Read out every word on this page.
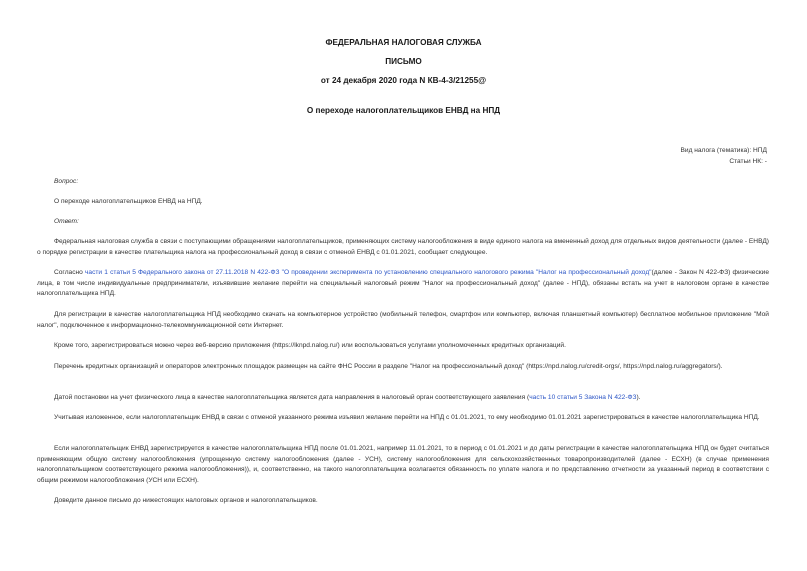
ФЕДЕРАЛЬНАЯ НАЛОГОВАЯ СЛУЖБА
ПИСЬМО
от 24 декабря 2020 года N КВ-4-3/21255@
О переходе налогоплательщиков ЕНВД на НПД
Вид налога (тематика): НПД
Статьи НК: -
Вопрос:
О переходе налогоплательщиков ЕНВД на НПД.
Ответ:

Федеральная налоговая служба в связи с поступающими обращениями налогоплательщиков, применяющих систему налогообложения в виде единого налога на вмененный доход для отдельных видов деятельности (далее - ЕНВД) о порядке регистрации в качестве плательщика налога на профессиональный доход в связи с отменой ЕНВД с 01.01.2021, сообщает следующее.

Согласно части 1 статьи 5 Федерального закона от 27.11.2018 N 422-ФЗ "О проведении эксперимента по установлению специального налогового режима "Налог на профессиональный доход"(далее - Закон N 422-ФЗ) физические лица, в том числе индивидуальные предприниматели, изъявившие желание перейти на специальный налоговый режим "Налог на профессиональный доход" (далее - НПД), обязаны встать на учет в налоговом органе в качестве налогоплательщика НПД.

Для регистрации в качестве налогоплательщика НПД необходимо скачать на компьютерное устройство (мобильный телефон, смартфон или компьютер, включая планшетный компьютер) бесплатное мобильное приложение "Мой налог", подключенное к информационно-телекоммуникационной сети Интернет.

Кроме того, зарегистрироваться можно через веб-версию приложения (https://lknpd.nalog.ru/) или воспользоваться услугами уполномоченных кредитных организаций.

Перечень кредитных организаций и операторов электронных площадок размещен на сайте ФНС России в разделе "Налог на профессиональный доход" (https://npd.nalog.ru/credit-orgs/, https://npd.nalog.ru/aggregators/).

Датой постановки на учет физического лица в качестве налогоплательщика является дата направления в налоговый орган соответствующего заявления (часть 10 статьи 5 Закона N 422-ФЗ).

Учитывая изложенное, если налогоплательщик ЕНВД в связи с отменой указанного режима изъявил желание перейти на НПД с 01.01.2021, то ему необходимо 01.01.2021 зарегистрироваться в качестве налогоплательщика НПД.

Если налогоплательщик ЕНВД зарегистрируется в качестве налогоплательщика НПД после 01.01.2021, например 11.01.2021, то в период с 01.01.2021 и до даты регистрации в качестве налогоплательщика НПД он будет считаться применяющим общую систему налогообложения (упрощенную систему налогообложения (далее - УСН), систему налогообложения для сельскохозяйственных товаропроизводителей (далее - ЕСХН) (в случае применения налогоплательщиком соответствующего режима налогообложения)), и, соответственно, на такого налогоплательщика возлагается обязанность по уплате налога и по представлению отчетности за указанный период в соответствии с общим режимом налогообложения (УСН или ЕСХН).

Доведите данное письмо до нижестоящих налоговых органов и налогоплательщиков.
